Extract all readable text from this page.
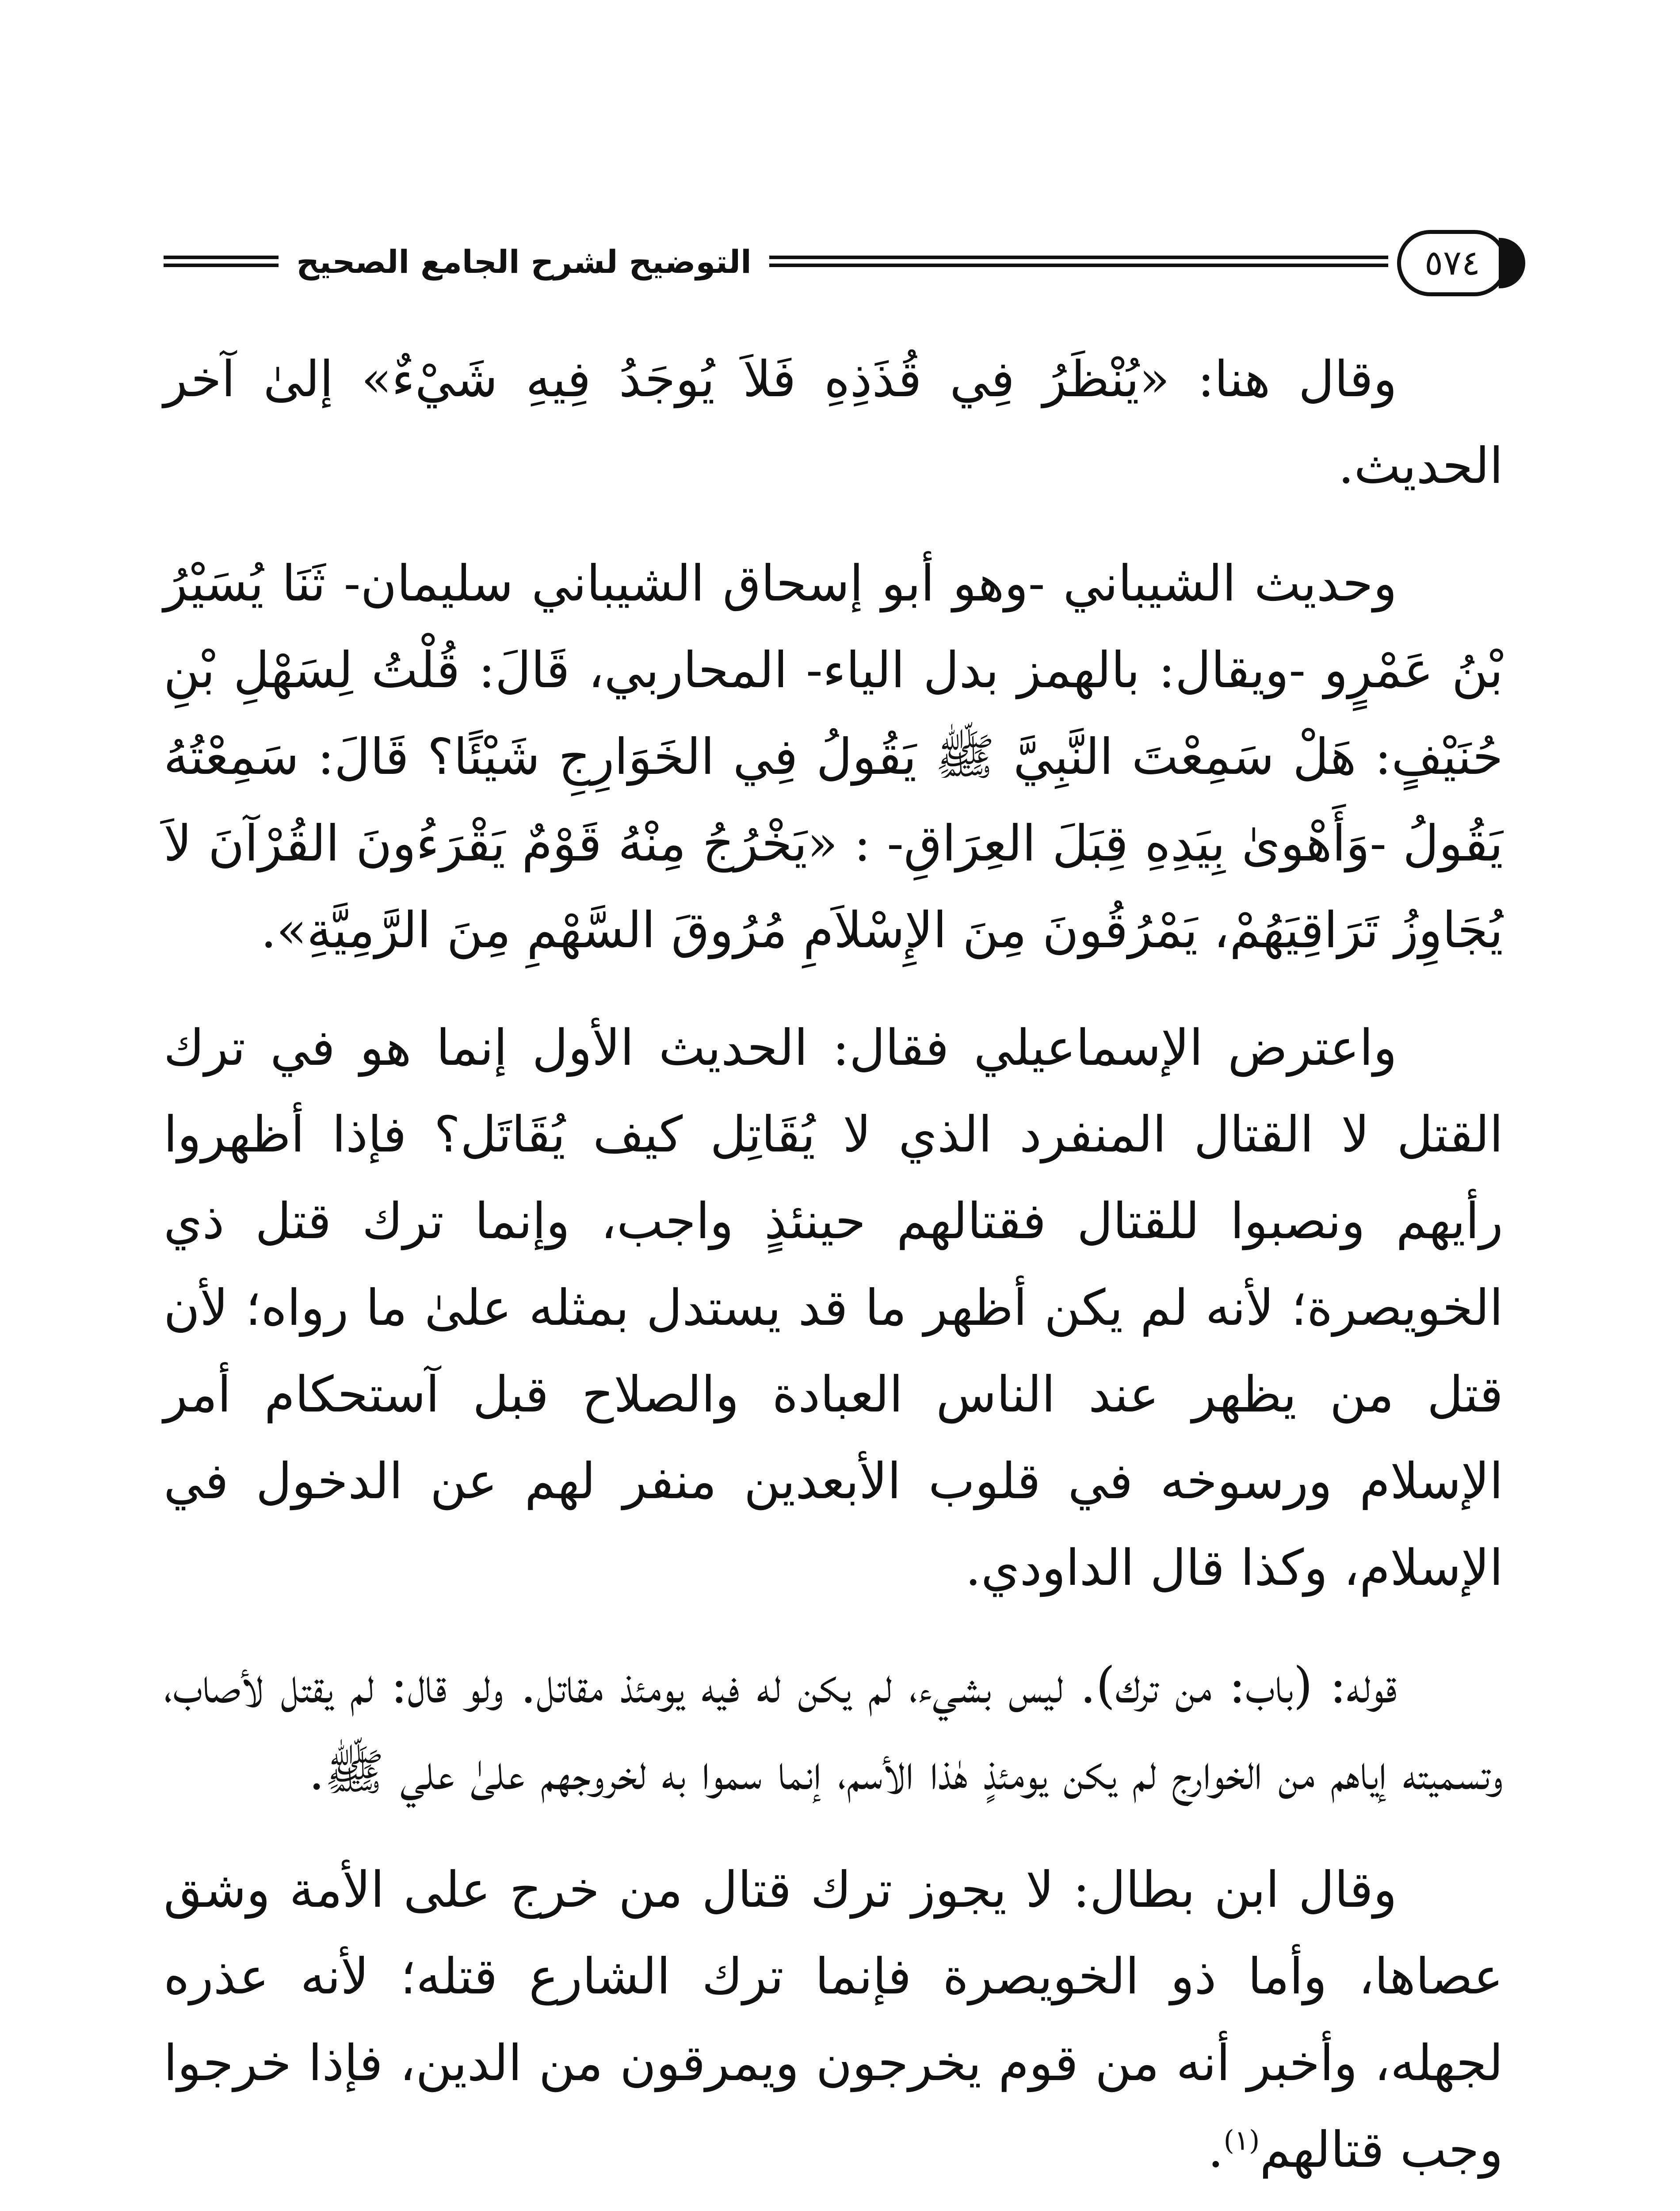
التوضيح لشرح الجامع الصحيح	٥٧٤

وقال هنا: «يُنْظَرُ فِي قُذَذِهِ فَلاَ يُوجَدُ فِيهِ شَيْءٌ» إلىٰ آخر الحديث.

وحديث الشيباني -وهو أبو إسحاق الشيباني سليمان- ثَنَا يُسَيْرُ بْنُ عَمْرٍو -ويقال: بالهمز بدل الياء- المحاربي، قَالَ: قُلْتُ لِسَهْلِ بْنِ حُنَيْفٍ: هَلْ سَمِعْتَ النَّبِيَّ ﷺ يَقُولُ فِي الخَوَارِجِ شَيْئًا؟ قَالَ: سَمِعْتُهُ يَقُولُ -وَأَهْوىٰ بِيَدِهِ قِبَلَ العِرَاقِ- : «يَخْرُجُ مِنْهُ قَوْمٌ يَقْرَءُونَ القُرْآنَ لاَ يُجَاوِزُ تَرَاقِيَهُمْ، يَمْرُقُونَ مِنَ الإِسْلاَمِ مُرُوقَ السَّهْمِ مِنَ الرَّمِيَّةِ».

واعترض الإسماعيلي فقال: الحديث الأول إنما هو في ترك القتل لا القتال المنفرد الذي لا يُقَاتِل كيف يُقَاتَل؟ فإذا أظهروا رأيهم ونصبوا للقتال فقتالهم حينئذٍ واجب، وإنما ترك قتل ذي الخويصرة؛ لأنه لم يكن أظهر ما قد يستدل بمثله علىٰ ما رواه؛ لأن قتل من يظهر عند الناس العبادة والصلاح قبل آستحكام أمر الإسلام ورسوخه في قلوب الأبعدين منفر لهم عن الدخول في الإسلام، وكذا قال الداودي.

قوله: (باب: من ترك). ليس بشيء، لم يكن له فيه يومئذ مقاتل. ولو قال: لم يقتل لأصاب، وتسميته إياهم من الخوارج لم يكن يومئذٍ هٰذا الأسم، إنما سموا به لخروجهم علىٰ علي ﷺ.

وقال ابن بطال: لا يجوز ترك قتال من خرج على الأمة وشق عصاها، وأما ذو الخويصرة فإنما ترك الشارع قتله؛ لأنه عذره لجهله، وأخبر أنه من قوم يخرجون ويمرقون من الدين، فإذا خرجوا وجب قتالهم$^{(١)}$.
